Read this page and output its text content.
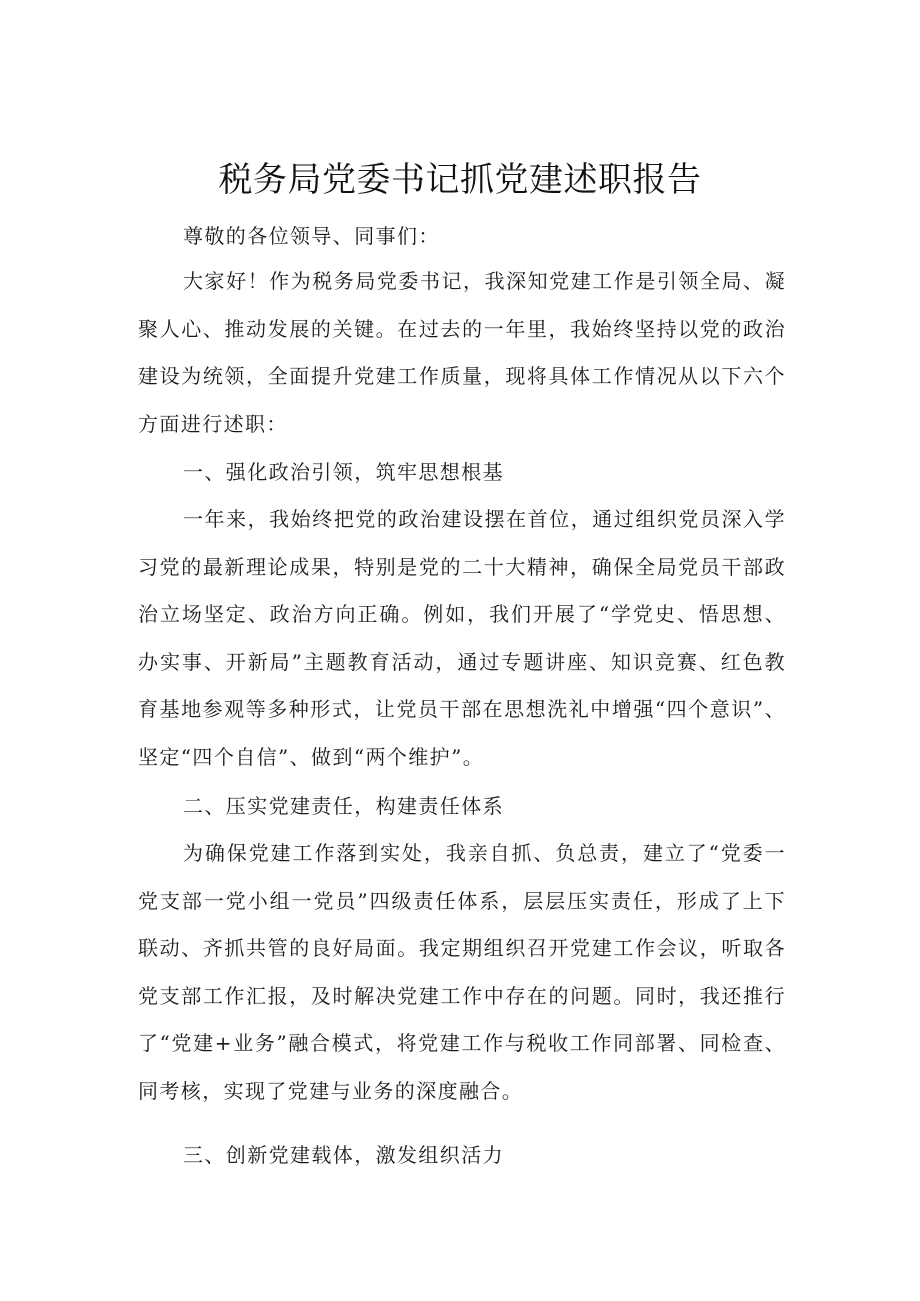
税务局党委书记抓党建述职报告

尊敬的各位领导、同事们：

大家好！作为税务局党委书记，我深知党建工作是引领全局、凝聚人心、推动发展的关键。在过去的一年里，我始终坚持以党的政治建设为统领，全面提升党建工作质量，现将具体工作情况从以下六个方面进行述职：

一、强化政治引领，筑牢思想根基

一年来，我始终把党的政治建设摆在首位，通过组织党员深入学习党的最新理论成果，特别是党的二十大精神，确保全局党员干部政治立场坚定、政治方向正确。例如，我们开展了“学党史、悟思想、办实事、开新局”主题教育活动，通过专题讲座、知识竞赛、红色教育基地参观等多种形式，让党员干部在思想洗礼中增强“四个意识”、坚定“四个自信”、做到“两个维护”。

二、压实党建责任，构建责任体系

为确保党建工作落到实处，我亲自抓、负总责，建立了“党委一党支部一党小组一党员”四级责任体系，层层压实责任，形成了上下联动、齐抓共管的良好局面。我定期组织召开党建工作会议，听取各党支部工作汇报，及时解决党建工作中存在的问题。同时，我还推行了“党建+业务”融合模式，将党建工作与税收工作同部署、同检查、同考核，实现了党建与业务的深度融合。

三、创新党建载体，激发组织活力
